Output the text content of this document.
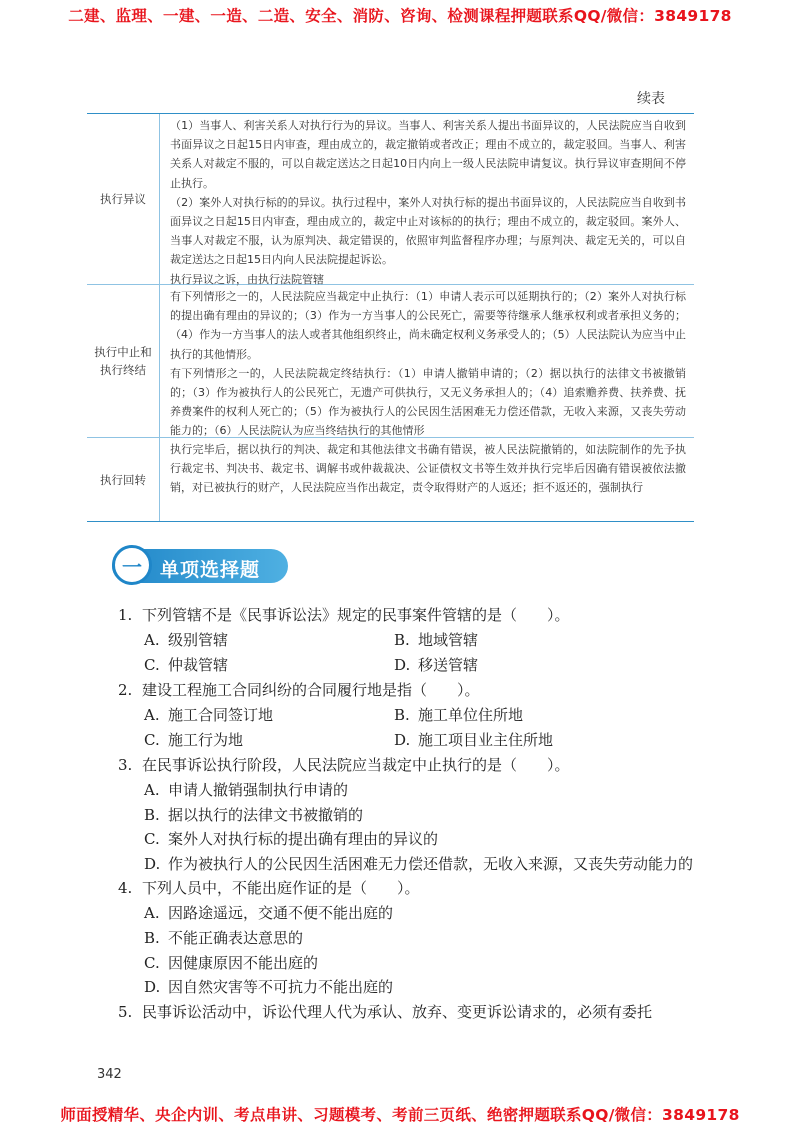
二建、监理、一建、一造、二造、安全、消防、咨询、检测课程押题联系QQ/微信：3849178
续表
执行异议

（1）当事人、利害关系人对执行行为的异议。当事人、利害关系人提出书面异议的，人民法院应当自收到书面异议之日起15日内审查，理由成立的，裁定撤销或者改正；理由不成立的，裁定驳回。当事人、利害关系人对裁定不服的，可以自裁定送达之日起10日内向上一级人民法院申请复议。执行异议审查期间不停止执行。

（2）案外人对执行标的的异议。执行过程中，案外人对执行标的提出书面异议的，人民法院应当自收到书面异议之日起15日内审查，理由成立的，裁定中止对该标的的执行；理由不成立的，裁定驳回。案外人、当事人对裁定不服，认为原判决、裁定错误的，依照审判监督程序办理；与原判决、裁定无关的，可以自裁定送达之日起15日内向人民法院提起诉讼。

执行异议之诉，由执行法院管辖

执行中止和
执行终结

有下列情形之一的，人民法院应当裁定中止执行：（1）申请人表示可以延期执行的；（2）案外人对执行标的提出确有理由的异议的；（3）作为一方当事人的公民死亡，需要等待继承人继承权利或者承担义务的；（4）作为一方当事人的法人或者其他组织终止，尚未确定权利义务承受人的；（5）人民法院认为应当中止执行的其他情形。

有下列情形之一的，人民法院裁定终结执行：（1）申请人撤销申请的；（2）据以执行的法律文书被撤销的；（3）作为被执行人的公民死亡，无遗产可供执行，又无义务承担人的；（4）追索赡养费、扶养费、抚养费案件的权利人死亡的；（5）作为被执行人的公民因生活困难无力偿还借款，无收入来源，又丧失劳动能力的；（6）人民法院认为应当终结执行的其他情形

执行回转

执行完毕后，据以执行的判决、裁定和其他法律文书确有错误，被人民法院撤销的，如法院制作的先予执行裁定书、判决书、裁定书、调解书或仲裁裁决、公证债权文书等生效并执行完毕后因确有错误被依法撤销，对已被执行的财产，人民法院应当作出裁定，责令取得财产的人返还；拒不返还的，强制执行

一 单项选择题
1. 下列管辖不是《民事诉讼法》规定的民事案件管辖的是（　　）。
A. 级别管辖	B. 地域管辖
C. 仲裁管辖	D. 移送管辖
2. 建设工程施工合同纠纷的合同履行地是指（　　）。
A. 施工合同签订地	B. 施工单位住所地
C. 施工行为地	D. 施工项目业主住所地
3. 在民事诉讼执行阶段，人民法院应当裁定中止执行的是（　　）。
A. 申请人撤销强制执行申请的
B. 据以执行的法律文书被撤销的
C. 案外人对执行标的提出确有理由的异议的
D. 作为被执行人的公民因生活困难无力偿还借款，无收入来源，又丧失劳动能力的
4. 下列人员中，不能出庭作证的是（　　）。
A. 因路途遥远，交通不便不能出庭的
B. 不能正确表达意思的
C. 因健康原因不能出庭的
D. 因自然灾害等不可抗力不能出庭的
5. 民事诉讼活动中，诉讼代理人代为承认、放弃、变更诉讼请求的，必须有委托
342
师面授精华、央企内训、考点串讲、习题模考、考前三页纸、绝密押题联系QQ/微信：3849178
